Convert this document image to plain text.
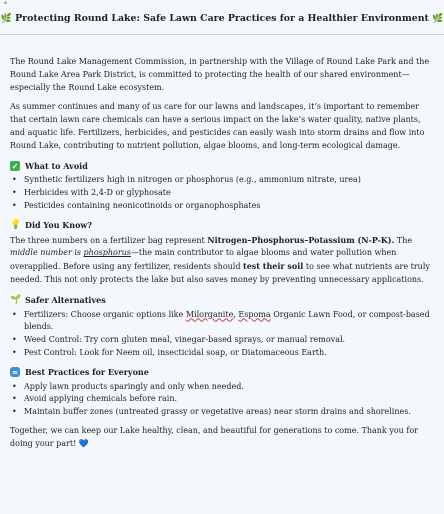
✦
🌿 Protecting Round Lake: Safe Lawn Care Practices for a Healthier Environment 🌿

The Round Lake Management Commission, in partnership with the Village of Round Lake Park and the Round Lake Area Park District, is committed to protecting the health of our shared environment—especially the Round Lake ecosystem.

As summer continues and many of us care for our lawns and landscapes, it’s important to remember that certain lawn care chemicals can have a serious impact on the lake’s water quality, native plants, and aquatic life. Fertilizers, herbicides, and pesticides can easily wash into storm drains and flow into Round Lake, contributing to nutrient pollution, algae blooms, and long-term ecological damage.

✓ What to Avoid
• Synthetic fertilizers high in nitrogen or phosphorus (e.g., ammonium nitrate, urea)
• Herbicides with 2,4-D or glyphosate
• Pesticides containing neonicotinoids or organophosphates
💡 Did You Know?

The three numbers on a fertilizer bag represent Nitrogen–Phosphorus–Potassium (N-P-K). The middle number is phosphorus—the main contributor to algae blooms and water pollution when overapplied. Before using any fertilizer, residents should test their soil to see what nutrients are truly needed. This not only protects the lake but also saves money by preventing unnecessary applications.

🌱 Safer Alternatives
• Fertilizers: Choose organic options like Milorganite, Espoma Organic Lawn Food, or compost-based blends.
• Weed Control: Try corn gluten meal, vinegar-based sprays, or manual removal.
• Pest Control: Look for Neem oil, insecticidal soap, or Diatomaceous Earth.
≈ Best Practices for Everyone
• Apply lawn products sparingly and only when needed.
• Avoid applying chemicals before rain.
• Maintain buffer zones (untreated grassy or vegetative areas) near storm drains and shorelines.

Together, we can keep our Lake healthy, clean, and beautiful for generations to come. Thank you for doing your part! 💙
